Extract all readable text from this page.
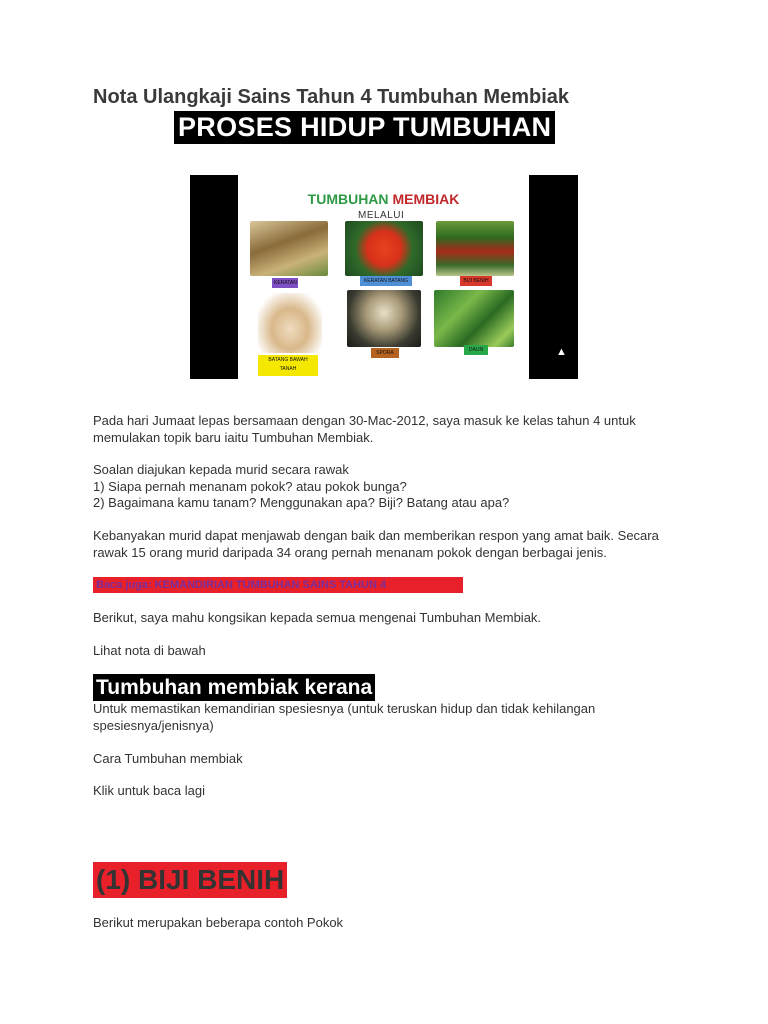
Nota Ulangkaji Sains Tahun 4 Tumbuhan Membiak
PROSES HIDUP TUMBUHAN
TUMBUHAN MEMBIAK
MELALUI
KERATAN	KERATAN BATANG	BIJI BENIH
BATANG BAWAH
TANAH
SPORA	DAUN	▲

Pada hari Jumaat lepas bersamaan dengan 30-Mac-2012, saya masuk ke kelas tahun 4 untuk memulakan topik baru iaitu Tumbuhan Membiak.

Soalan diajukan kepada murid secara rawak
1) Siapa pernah menanam pokok? atau pokok bunga?
2) Bagaimana kamu tanam? Menggunakan apa? Biji? Batang atau apa?

Kebanyakan murid dapat menjawab dengan baik dan memberikan respon yang amat baik. Secara rawak 15 orang murid daripada 34 orang pernah menanam pokok dengan berbagai jenis.

Baca juga: KEMANDIRIAN TUMBUHAN SAINS TAHUN 4

Berikut, saya mahu kongsikan kepada semua mengenai Tumbuhan Membiak.

Lihat nota di bawah

Tumbuhan membiak kerana

Untuk memastikan kemandirian spesiesnya (untuk teruskan hidup dan tidak kehilangan spesiesnya/jenisnya)

Cara Tumbuhan membiak

Klik untuk baca lagi

(1) BIJI BENIH

Berikut merupakan beberapa contoh Pokok
